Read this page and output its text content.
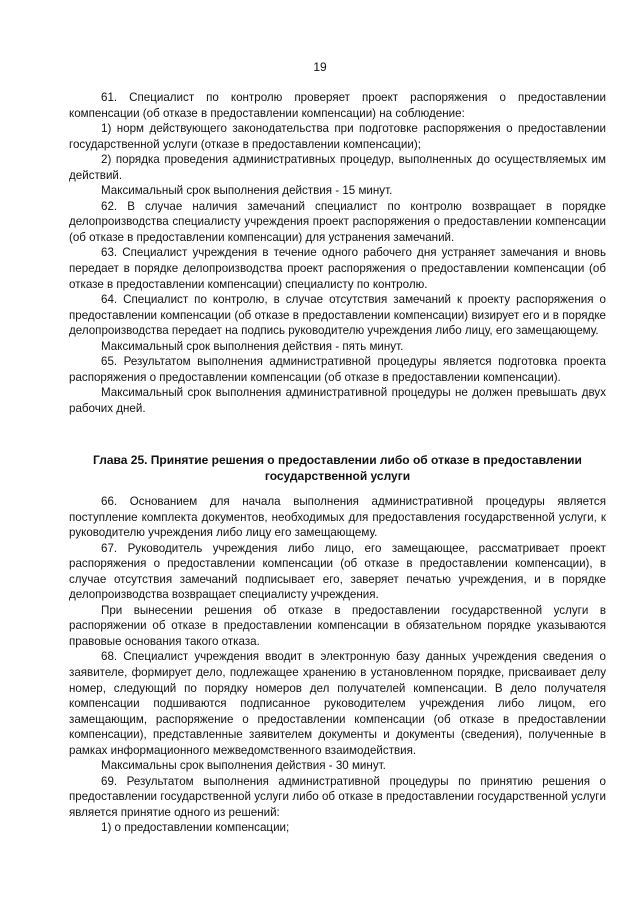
19

61. Специалист по контролю проверяет проект распоряжения о предоставлении компенсации (об отказе в предоставлении компенсации) на соблюдение:

1) норм действующего законодательства при подготовке распоряжения о предоставлении государственной услуги (отказе в предоставлении компенсации);

2) порядка проведения административных процедур, выполненных до осуществляемых им действий.

Максимальный срок выполнения действия - 15 минут.

62. В случае наличия замечаний специалист по контролю возвращает в порядке делопроизводства специалисту учреждения проект распоряжения о предоставлении компенсации (об отказе в предоставлении компенсации) для устранения замечаний.

63. Специалист учреждения в течение одного рабочего дня устраняет замечания и вновь передает в порядке делопроизводства проект распоряжения о предоставлении компенсации (об отказе в предоставлении компенсации) специалисту по контролю.

64. Специалист по контролю, в случае отсутствия замечаний к проекту распоряжения о предоставлении компенсации (об отказе в предоставлении компенсации) визирует его и в порядке делопроизводства передает на подпись руководителю учреждения либо лицу, его замещающему.

Максимальный срок выполнения действия - пять минут.

65. Результатом выполнения административной процедуры является подготовка проекта распоряжения о предоставлении компенсации (об отказе в предоставлении компенсации).

Максимальный срок выполнения административной процедуры не должен превышать двух рабочих дней.

Глава 25. Принятие решения о предоставлении либо об отказе в предоставлении государственной услуги

66. Основанием для начала выполнения административной процедуры является поступление комплекта документов, необходимых для предоставления государственной услуги, к руководителю учреждения либо лицу его замещающему.

67. Руководитель учреждения либо лицо, его замещающее, рассматривает проект распоряжения о предоставлении компенсации (об отказе в предоставлении компенсации), в случае отсутствия замечаний подписывает его, заверяет печатью учреждения, и в порядке делопроизводства возвращает специалисту учреждения.

При вынесении решения об отказе в предоставлении государственной услуги в распоряжении об отказе в предоставлении компенсации в обязательном порядке указываются правовые основания такого отказа.

68. Специалист учреждения вводит в электронную базу данных учреждения сведения о заявителе, формирует дело, подлежащее хранению в установленном порядке, присваивает делу номер, следующий по порядку номеров дел получателей компенсации. В дело получателя компенсации подшиваются подписанное руководителем учреждения либо лицом, его замещающим, распоряжение о предоставлении компенсации (об отказе в предоставлении компенсации), представленные заявителем документы и документы (сведения), полученные в рамках информационного межведомственного взаимодействия.

Максимальны срок выполнения действия - 30 минут.

69. Результатом выполнения административной процедуры по принятию решения о предоставлении государственной услуги либо об отказе в предоставлении государственной услуги является принятие одного из решений:

1) о предоставлении компенсации;
